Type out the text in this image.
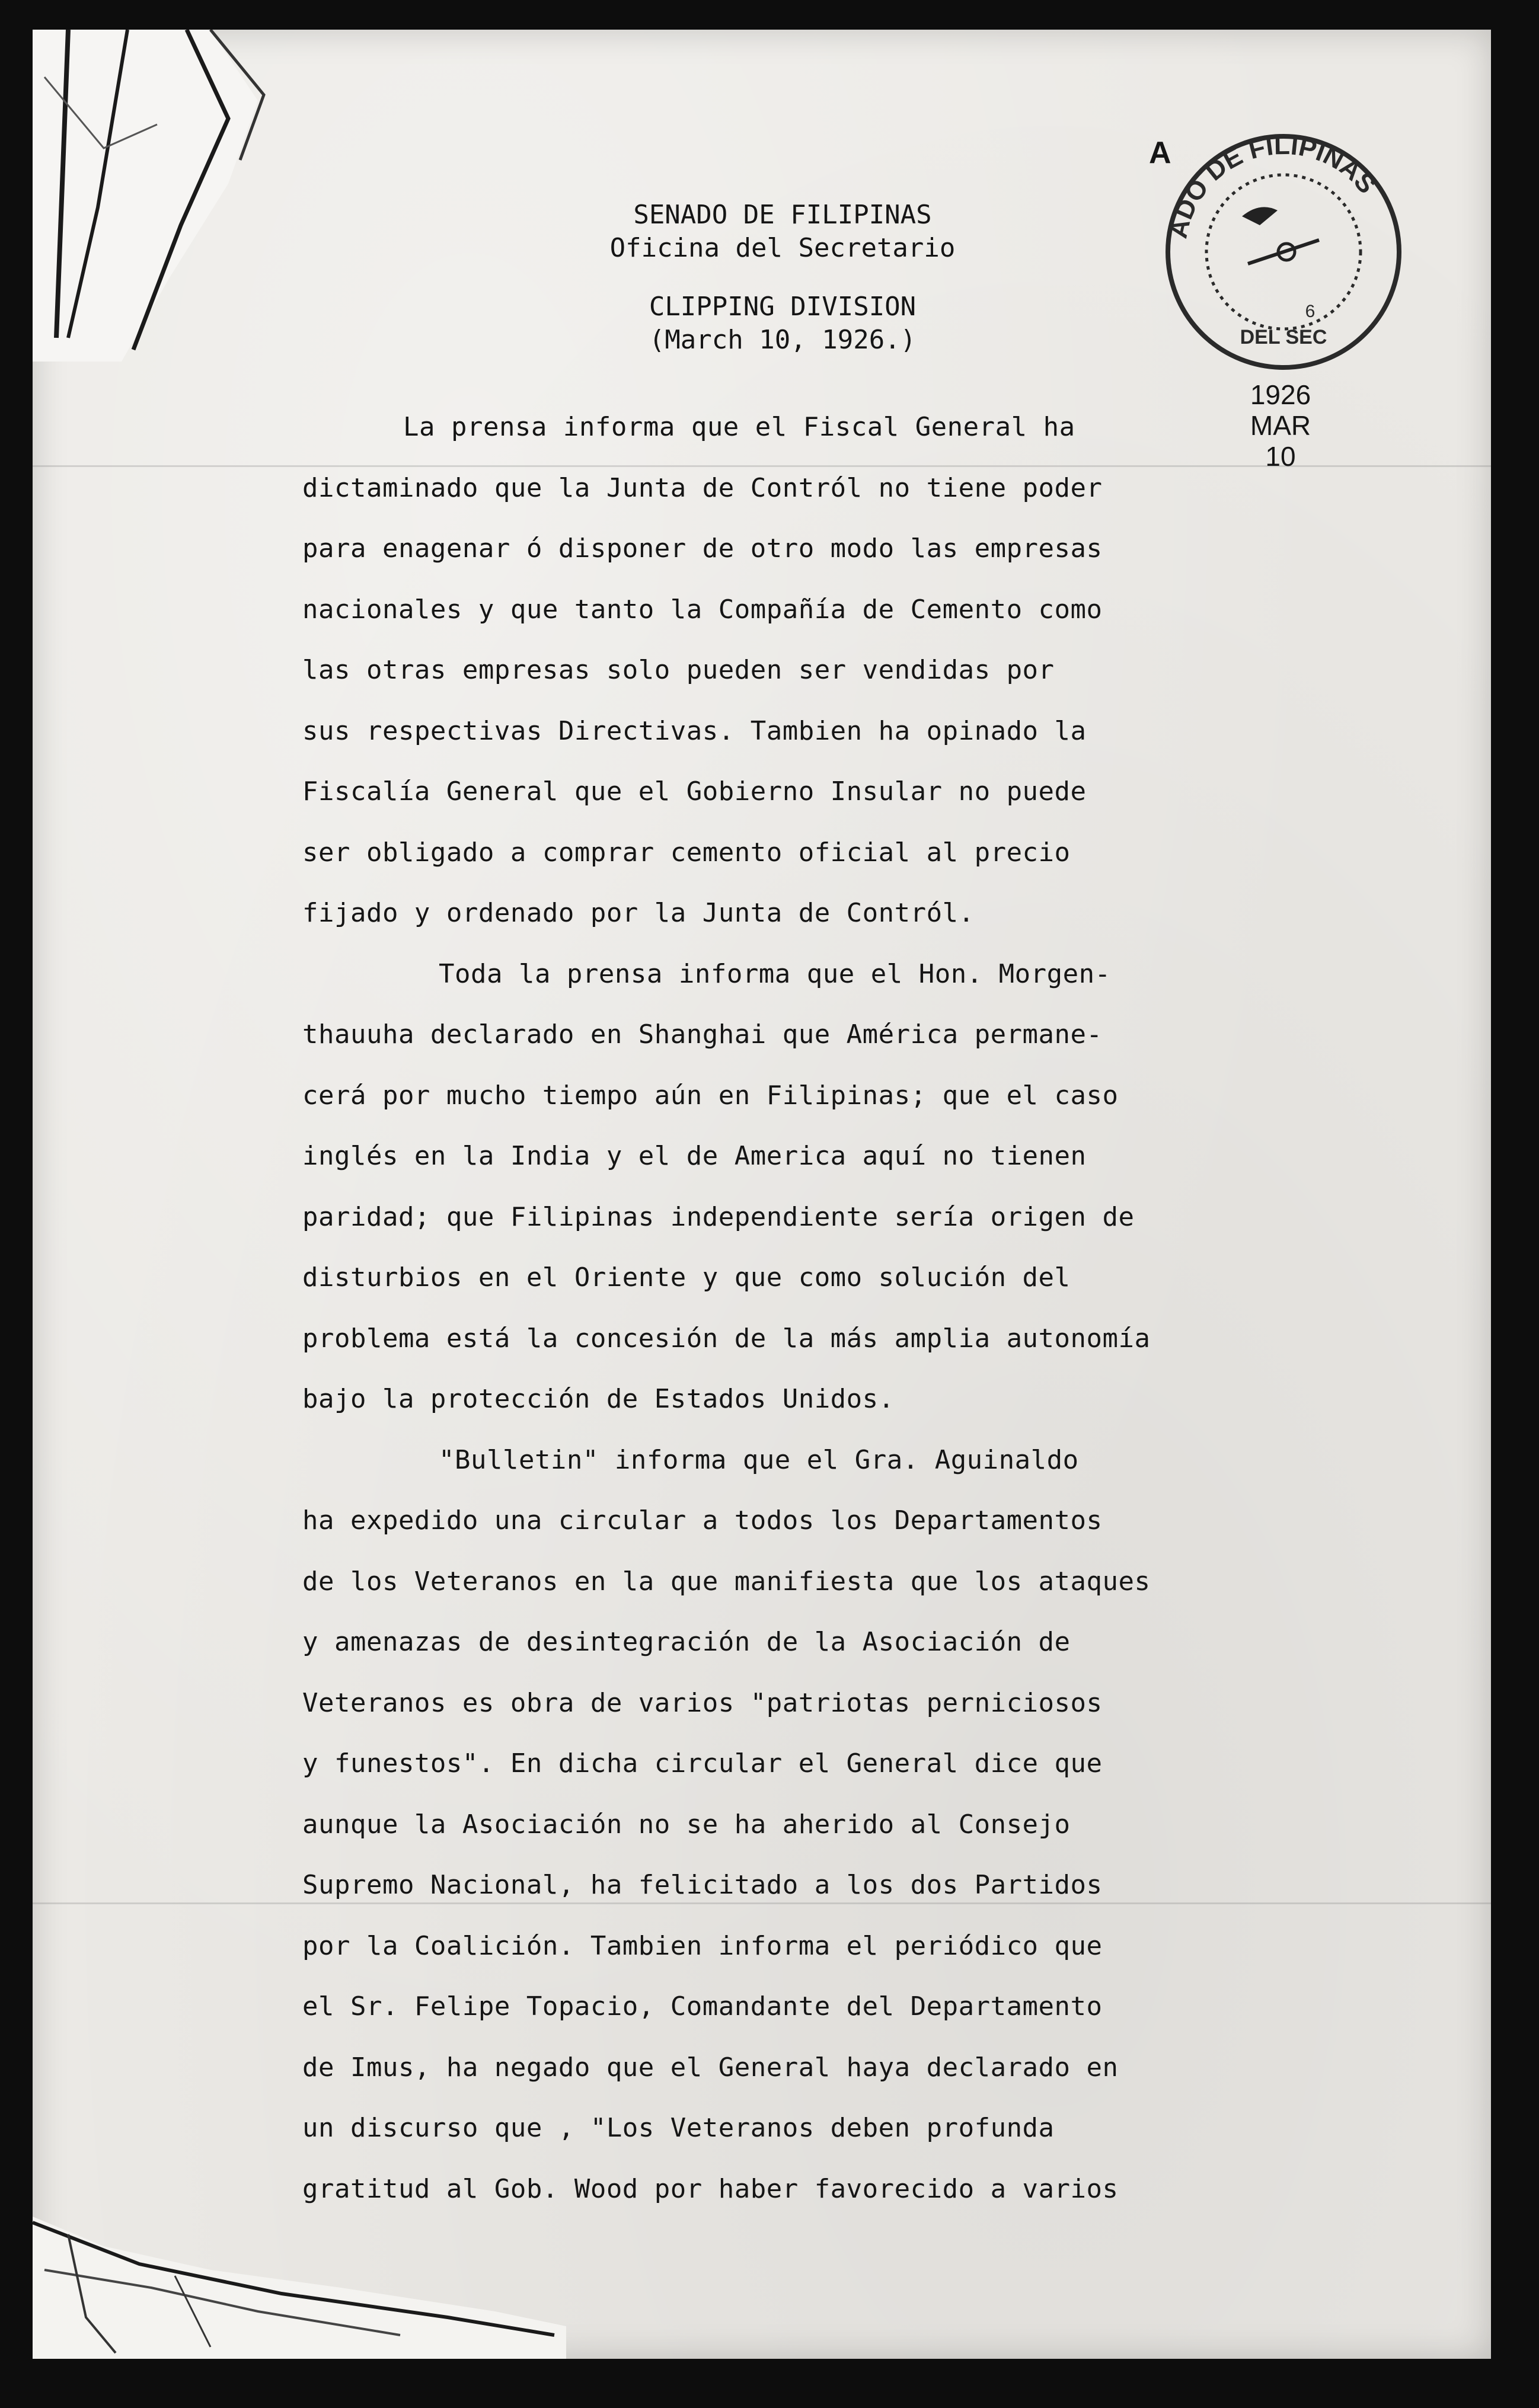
A
ADO DE FILIPINAS
DEL SEC
6
1926
MAR
10
SENADO DE FILIPINAS
Oficina del Secretario
CLIPPING DIVISION
(March 10, 1926.)

La prensa informa que el Fiscal General ha
dictaminado que la Junta de Contról no tiene poder
para enagenar ó disponer de otro modo las empresas
nacionales y que tanto la Compañía de Cemento como
las otras empresas solo pueden ser vendidas por
sus respectivas Directivas. Tambien ha opinado la
Fiscalía General que el Gobierno Insular no puede
ser obligado a comprar cemento oficial al precio
fijado y ordenado por la Junta de Contról.

Toda la prensa informa que el Hon. Morgen-
thauuha declarado en Shanghai que América permane-
cerá por mucho tiempo aún en Filipinas; que el caso
inglés en la India y el de America aquí no tienen
paridad; que Filipinas independiente sería origen de
disturbios en el Oriente y que como solución del
problema está la concesión de la más amplia autonomía
bajo la protección de Estados Unidos.

"Bulletin" informa que el Gra. Aguinaldo
ha expedido una circular a todos los Departamentos
de los Veteranos en la que manifiesta que los ataques
y amenazas de desintegración de la Asociación de
Veteranos es obra de varios "patriotas perniciosos
y funestos". En dicha circular el General dice que
aunque la Asociación no se ha aherido al Consejo
Supremo Nacional, ha felicitado a los dos Partidos
por la Coalición. Tambien informa el periódico que
el Sr. Felipe Topacio, Comandante del Departamento
de Imus, ha negado que el General haya declarado en
un discurso que , "Los Veteranos deben profunda
gratitud al Gob. Wood por haber favorecido a varios
